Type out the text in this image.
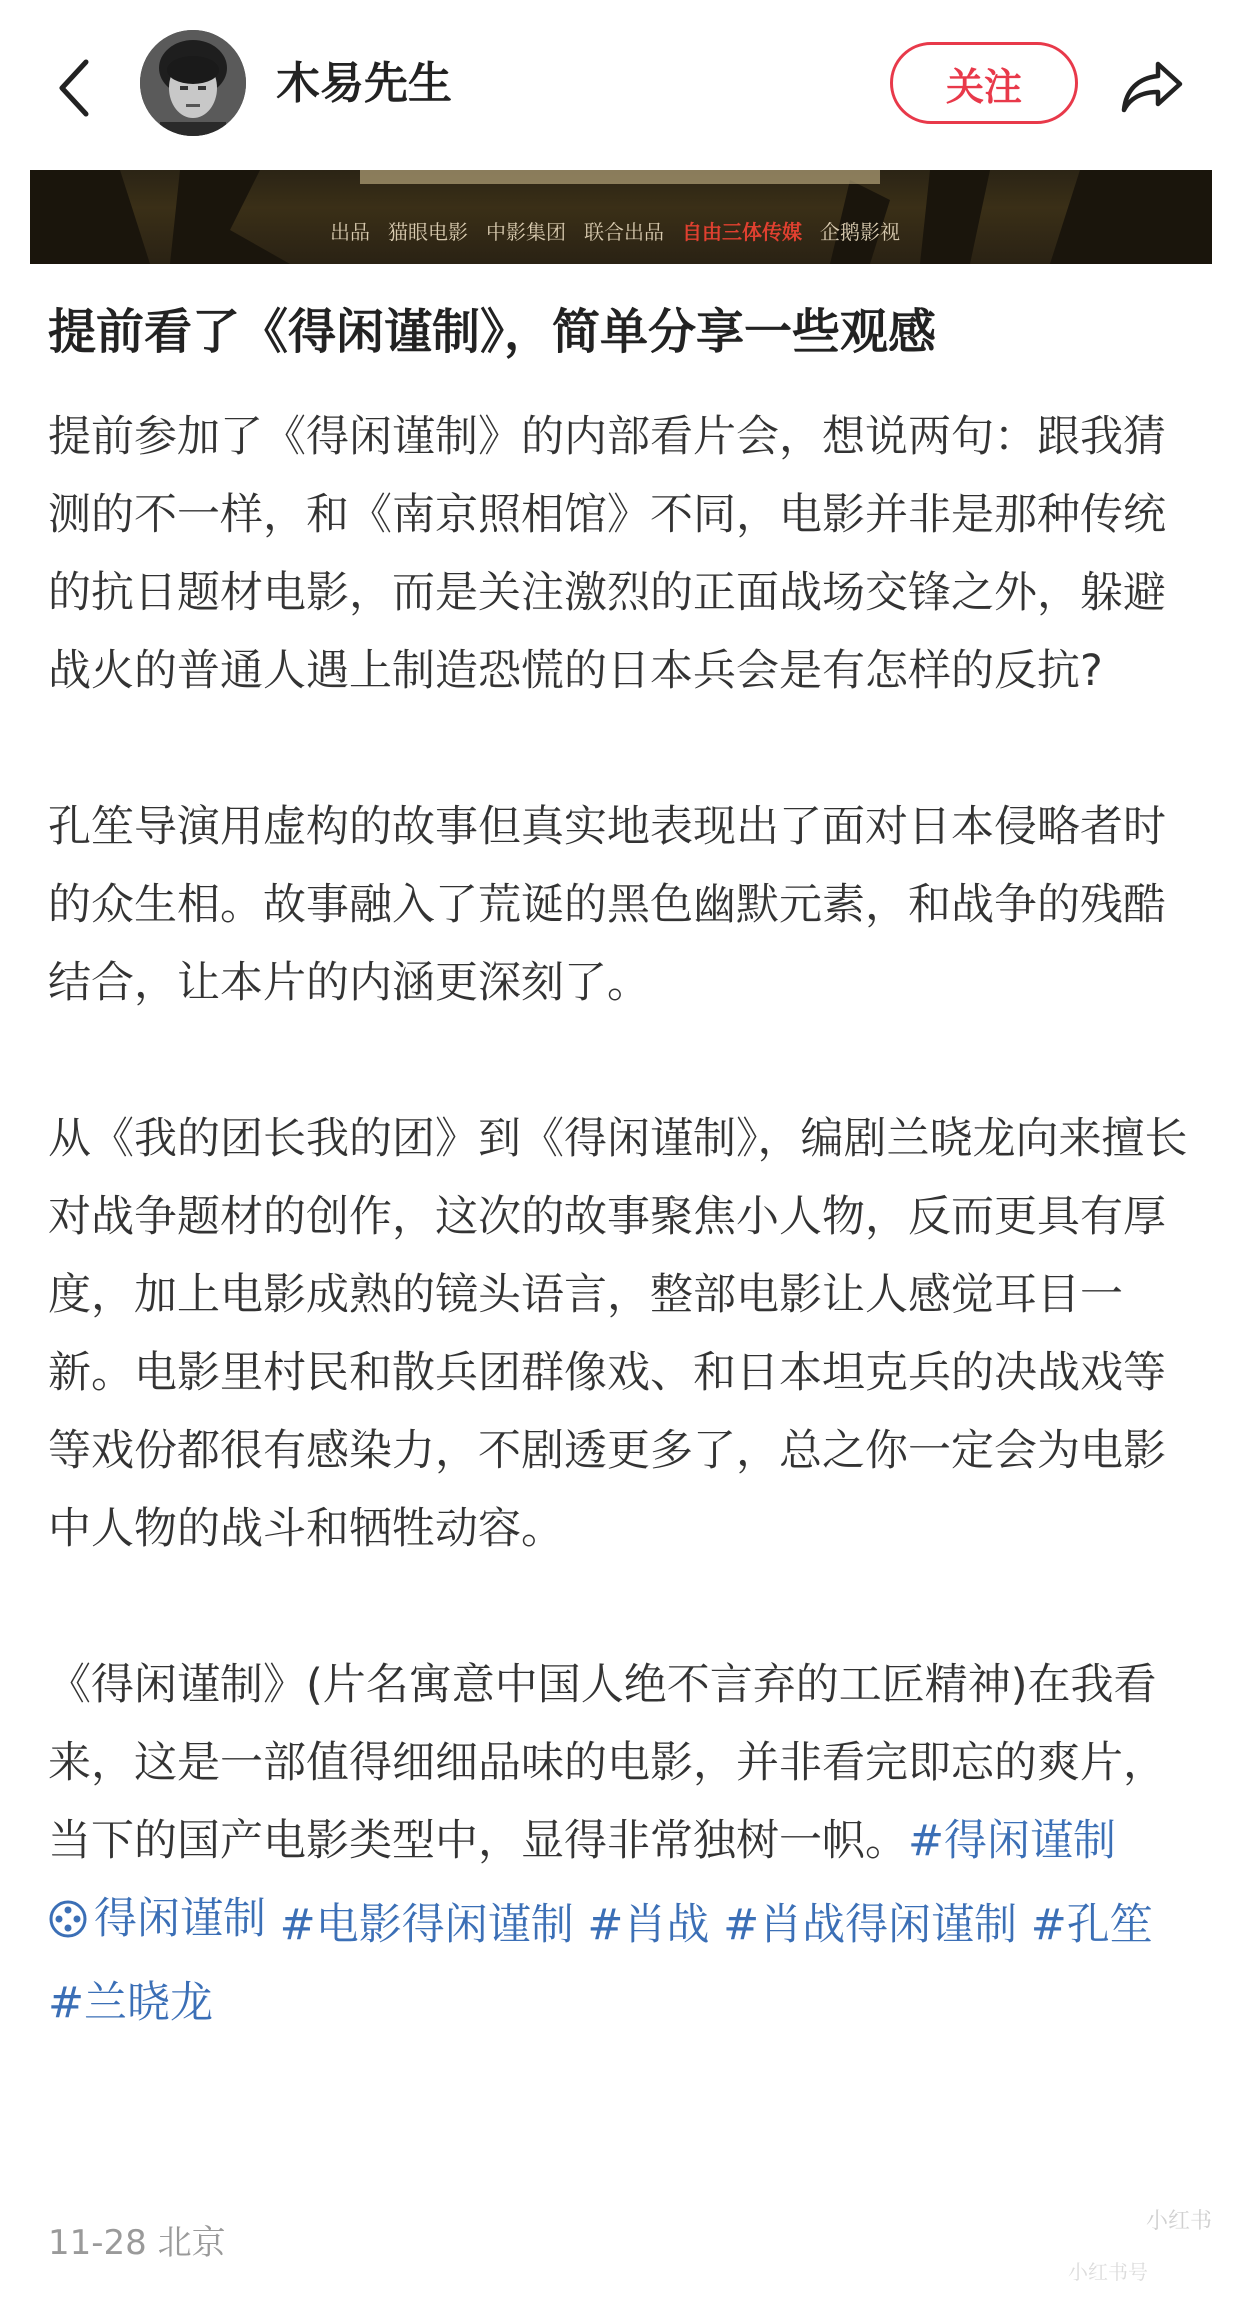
木易先生	关注
出品 猫眼电影 中影集团 联合出品 自由三体传媒 企鹅影视
提前看了《得闲谨制》，简单分享一些观感

提前参加了《得闲谨制》的内部看片会，想说两句：跟我猜测的不一样，和《南京照相馆》不同，电影并非是那种传统的抗日题材电影，而是关注激烈的正面战场交锋之外，躲避战火的普通人遇上制造恐慌的日本兵会是有怎样的反抗?

孔笙导演用虚构的故事但真实地表现出了面对日本侵略者时的众生相。故事融入了荒诞的黑色幽默元素，和战争的残酷结合，让本片的内涵更深刻了。

从《我的团长我的团》到《得闲谨制》，编剧兰晓龙向来擅长对战争题材的创作，这次的故事聚焦小人物，反而更具有厚度，加上电影成熟的镜头语言，整部电影让人感觉耳目一新。电影里村民和散兵团群像戏、和日本坦克兵的决战戏等等戏份都很有感染力，不剧透更多了，总之你一定会为电影中人物的战斗和牺牲动容。

《得闲谨制》(片名寓意中国人绝不言弃的工匠精神)在我看来，这是一部值得细细品味的电影，并非看完即忘的爽片，当下的国产电影类型中，显得非常独树一帜。#得闲谨制
得闲谨制 #电影得闲谨制 #肖战 #肖战得闲谨制 #孔笙 #兰晓龙

11-28 北京
小红书
小红书号
